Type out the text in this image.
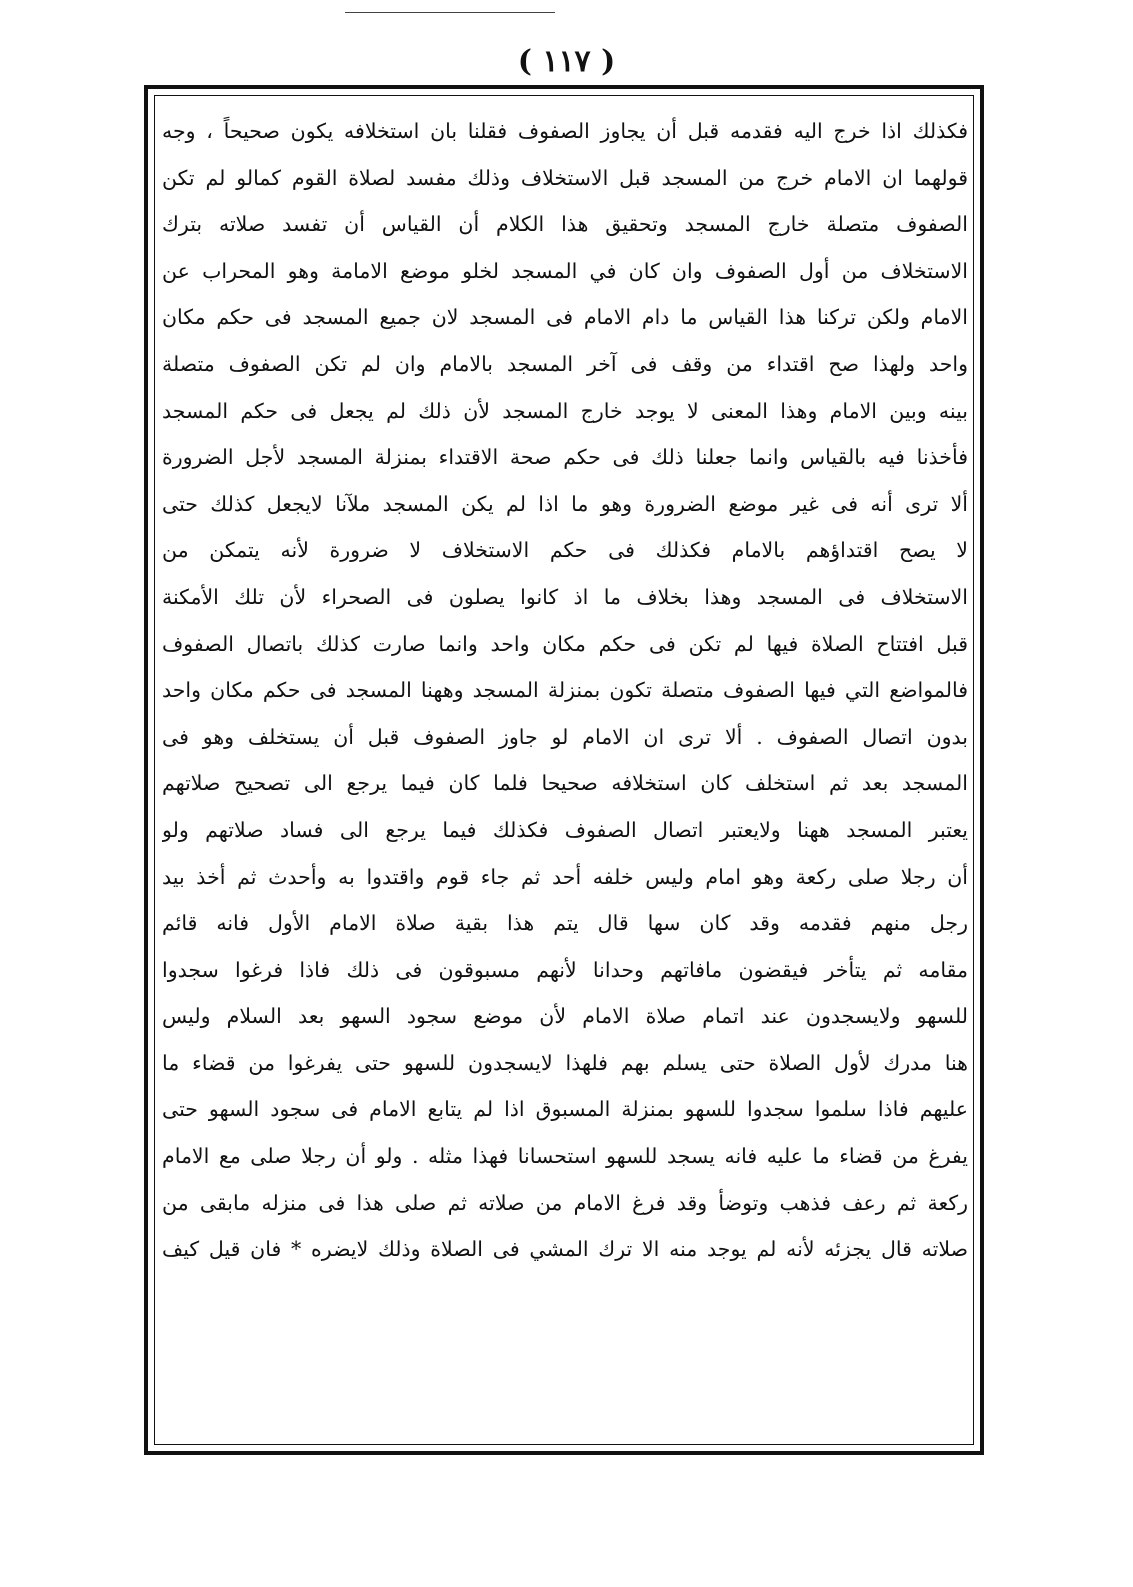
( ١١٧ )
فكذلك اذا خرج اليه فقدمه قبل أن يجاوز الصفوف فقلنا بان استخلافه يكون صحيحاً ، وجه
قولهما ان الامام خرج من المسجد قبل الاستخلاف وذلك مفسد لصلاة القوم كمالو لم تكن
الصفوف متصلة خارج المسجد وتحقيق هذا الكلام أن القياس أن تفسد صلاته بترك
الاستخلاف من أول الصفوف وان كان في المسجد لخلو موضع الامامة وهو المحراب عن
الامام ولكن تركنا هذا القياس ما دام الامام فى المسجد لان جميع المسجد فى حكم مكان
واحد ولهذا صح اقتداء من وقف فى آخر المسجد بالامام وان لم تكن الصفوف متصلة
بينه وبين الامام وهذا المعنى لا يوجد خارج المسجد لأن ذلك لم يجعل فى حكم المسجد
فأخذنا فيه بالقياس وانما جعلنا ذلك فى حكم صحة الاقتداء بمنزلة المسجد لأجل الضرورة
ألا ترى أنه فى غير موضع الضرورة وهو ما اذا لم يكن المسجد ملآنا لايجعل كذلك حتى
لا يصح اقتداؤهم بالامام فكذلك فى حكم الاستخلاف لا ضرورة لأنه يتمكن من
الاستخلاف فى المسجد وهذا بخلاف ما اذ كانوا يصلون فى الصحراء لأن تلك الأمكنة
قبل افتتاح الصلاة فيها لم تكن فى حكم مكان واحد وانما صارت كذلك باتصال الصفوف
فالمواضع التي فيها الصفوف متصلة تكون بمنزلة المسجد وههنا المسجد فى حكم مكان واحد
بدون اتصال الصفوف . ألا ترى ان الامام لو جاوز الصفوف قبل أن يستخلف وهو فى
المسجد بعد ثم استخلف كان استخلافه صحيحا فلما كان فيما يرجع الى تصحيح صلاتهم
يعتبر المسجد ههنا ولايعتبر اتصال الصفوف فكذلك فيما يرجع الى فساد صلاتهم ولو
أن رجلا صلى ركعة وهو امام وليس خلفه أحد ثم جاء قوم واقتدوا به وأحدث ثم أخذ بيد
رجل منهم فقدمه وقد كان سها قال يتم هذا بقية صلاة الامام الأول فانه قائم
مقامه ثم يتأخر فيقضون مافاتهم وحدانا لأنهم مسبوقون فى ذلك فاذا فرغوا سجدوا
للسهو ولايسجدون عند اتمام صلاة الامام لأن موضع سجود السهو بعد السلام وليس
هنا مدرك لأول الصلاة حتى يسلم بهم فلهذا لايسجدون للسهو حتى يفرغوا من قضاء ما
عليهم فاذا سلموا سجدوا للسهو بمنزلة المسبوق اذا لم يتابع الامام فى سجود السهو حتى
يفرغ من قضاء ما عليه فانه يسجد للسهو استحسانا فهذا مثله . ولو أن رجلا صلى مع الامام
ركعة ثم رعف فذهب وتوضأ وقد فرغ الامام من صلاته ثم صلى هذا فى منزله مابقى من
صلاته قال يجزئه لأنه لم يوجد منه الا ترك المشي فى الصلاة وذلك لايضره * فان قيل كيف
